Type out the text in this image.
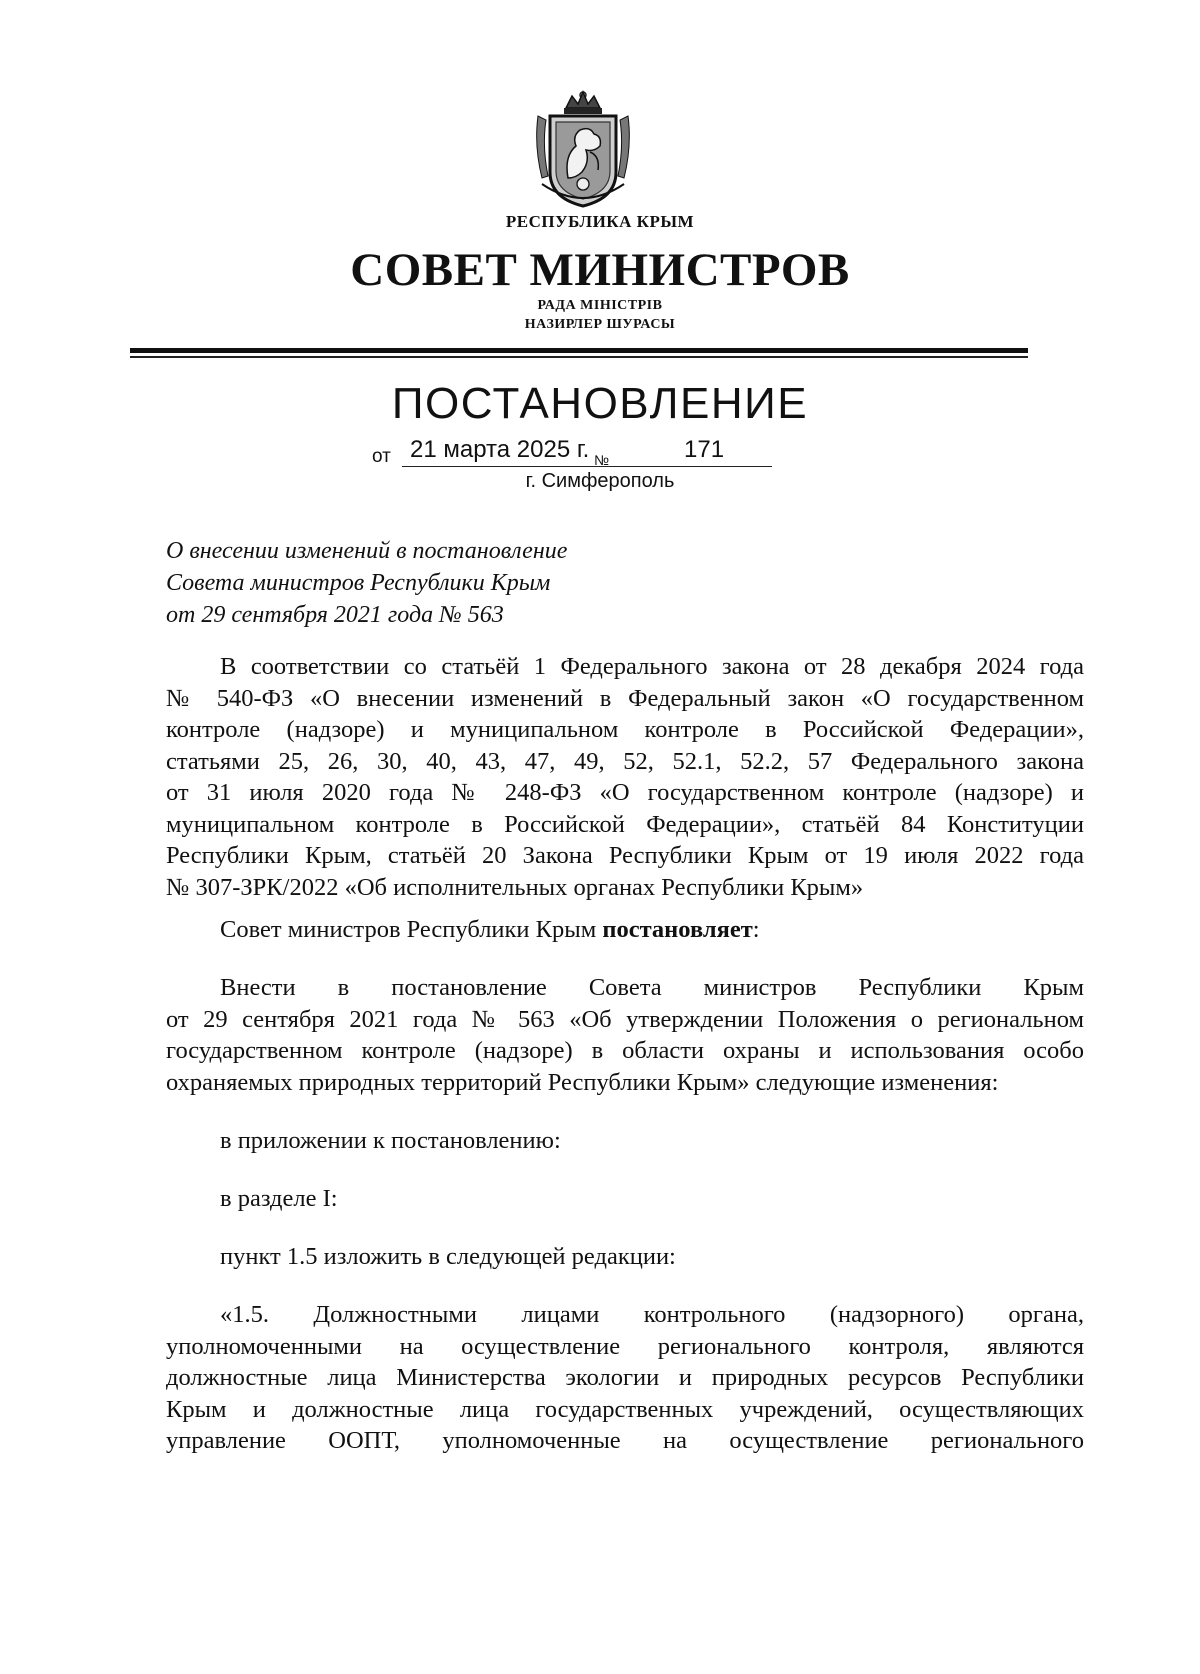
РЕСПУБЛИКА КРЫМ
СОВЕТ МИНИСТРОВ
РАДА МІНІСТРІВ
НАЗИРЛЕР ШУРАСЫ
ПОСТАНОВЛЕНИЕ
от 21 марта 2025 г. №	171
г. Симферополь
О внесении изменений в постановление
Совета министров Республики Крым
от 29 сентября 2021 года № 563
В соответствии со статьёй 1 Федерального закона от 28 декабря 2024 года
№ 540-ФЗ «О внесении изменений в Федеральный закон «О государственном
контроле (надзоре) и муниципальном контроле в Российской Федерации»,
статьями 25, 26, 30, 40, 43, 47, 49, 52, 52.1, 52.2, 57 Федерального закона
от 31 июля 2020 года № 248-ФЗ «О государственном контроле (надзоре) и
муниципальном контроле в Российской Федерации», статьёй 84 Конституции
Республики Крым, статьёй 20 Закона Республики Крым от 19 июля 2022 года
№ 307-ЗРК/2022 «Об исполнительных органах Республики Крым»
Совет министров Республики Крым постановляет:
Внести в постановление Совета министров Республики Крым
от 29 сентября 2021 года № 563 «Об утверждении Положения о региональном
государственном контроле (надзоре) в области охраны и использования особо
охраняемых природных территорий Республики Крым» следующие изменения:
в приложении к постановлению:
в разделе I:
пункт 1.5 изложить в следующей редакции:
«1.5. Должностными лицами контрольного (надзорного) органа,
уполномоченными на осуществление регионального контроля, являются
должностные лица Министерства экологии и природных ресурсов Республики
Крым и должностные лица государственных учреждений, осуществляющих
управление ООПТ, уполномоченные на осуществление регионального
